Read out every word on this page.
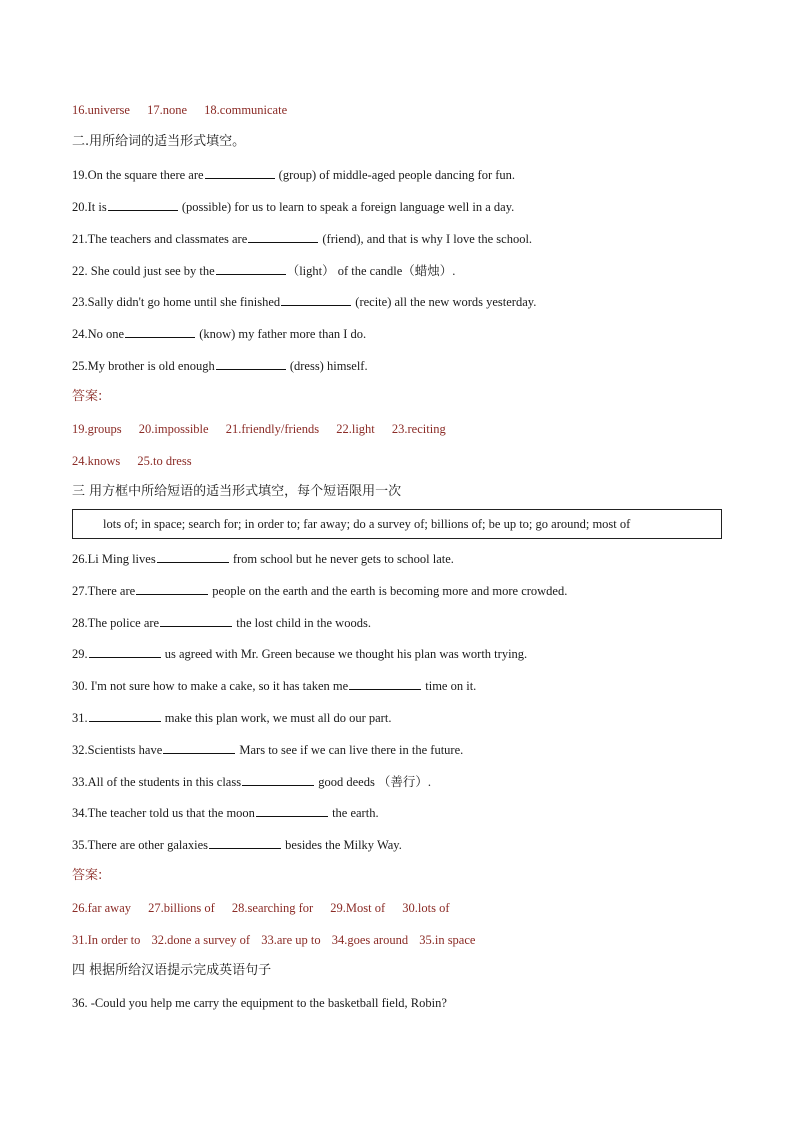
16.universe 17.none 18.communicate
二.用所给词的适当形式填空。
19.On the square there are	(group) of middle-aged people dancing for fun.
20.It is	(possible) for us to learn to speak a foreign language well in a day.
21.The teachers and classmates are	(friend), and that is why I love the school.
22. She could just see by the	（light） of the candle（蜡烛）.
23.Sally didn't go home until she finished	(recite) all the new words yesterday.
24.No one	(know) my father more than I do.
25.My brother is old enough	(dress) himself.
答案:
19.groups 20.impossible 21.friendly/friends 22.light 23.reciting
24.knows 25.to dress
三 用方框中所给短语的适当形式填空，每个短语限用一次
lots of; in space; search for; in order to; far away; do a survey of; billions of; be up to; go around; most of
26.Li Ming lives	from school but he never gets to school late.
27.There are	people on the earth and the earth is becoming more and more crowded.
28.The police are	the lost child in the woods.
29.	us agreed with Mr. Green because we thought his plan was worth trying.
30. I'm not sure how to make a cake, so it has taken me	time on it.
31.	make this plan work, we must all do our part.
32.Scientists have	Mars to see if we can live there in the future.
33.All of the students in this class	good deeds （善行）.
34.The teacher told us that the moon	the earth.
35.There are other galaxies	besides the Milky Way.
答案:
26.far away 27.billions of 28.searching for 29.Most of 30.lots of
31.In order to 32.done a survey of 33.are up to 34.goes around 35.in space
四 根据所给汉语提示完成英语句子
36. -Could you help me carry the equipment to the basketball field, Robin?
